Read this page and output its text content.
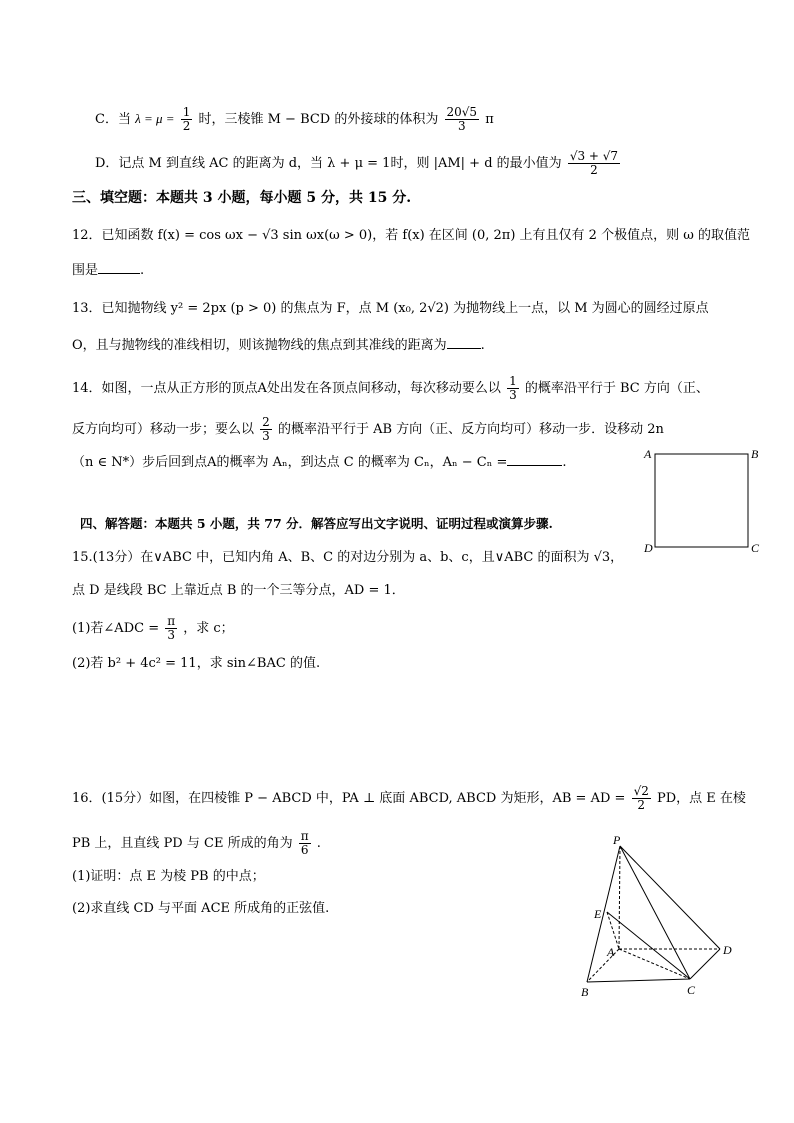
C．当 $\lambda = \mu = \frac{1}{2}$ 时，三棱锥 M − BCD 的外接球的体积为 $\frac{20√5}{3}$ π
D．记点 M 到直线 AC 的距离为 d，当 λ + μ = 1时，则 |AM| + d 的最小值为 $\frac{√3 + √7}{2}$
三、填空题：本题共 3 小题，每小题 5 分，共 15 分.
12．已知函数 f(x) = cos ωx − √3 sin ωx(ω > 0)，若 f(x) 在区间 (0, 2π) 上有且仅有 2 个极值点，则 ω 的取值范
围是	.
13．已知抛物线 y² = 2px (p > 0) 的焦点为 F，点 M (x₀, 2√2) 为抛物线上一点，以 M 为圆心的圆经过原点
O，且与抛物线的准线相切，则该抛物线的焦点到其准线的距离为	.
14．如图，一点从正方形的顶点A处出发在各顶点间移动，每次移动要么以 $\frac{1}{3}$ 的概率沿平行于 BC 方向（正、
反方向均可）移动一步；要么以 $\frac{2}{3}$ 的概率沿平行于 AB 方向（正、反方向均可）移动一步．设移动 2n
（n ∈ N*）步后回到点A的概率为 Aₙ，到达点 C 的概率为 Cₙ，Aₙ − Cₙ =	.
A	B
C
D
四、解答题：本题共 5 小题，共 77 分．解答应写出文字说明、证明过程或演算步骤.
15.(13分）在∨ABC 中，已知内角 A、B、C 的对边分别为 a、b、c，且∨ABC 的面积为 √3，
点 D 是线段 BC 上靠近点 B 的一个三等分点，AD = 1．
(1)若∠ADC = $\frac{\pi}{3}$ ，求 c；
(2)若 b² + 4c² = 11，求 sin∠BAC 的值.
16．(15分）如图，在四棱锥 P − ABCD 中，PA ⊥ 底面 ABCD, ABCD 为矩形，AB = AD = $\frac{√2}{2}$ PD，点 E 在棱
PB 上，且直线 PD 与 CE 所成的角为 $\frac{\pi}{6}$ .
(1)证明：点 E 为棱 PB 的中点；
(2)求直线 CD 与平面 ACE 所成角的正弦值.
P
E
A
B	C
D
